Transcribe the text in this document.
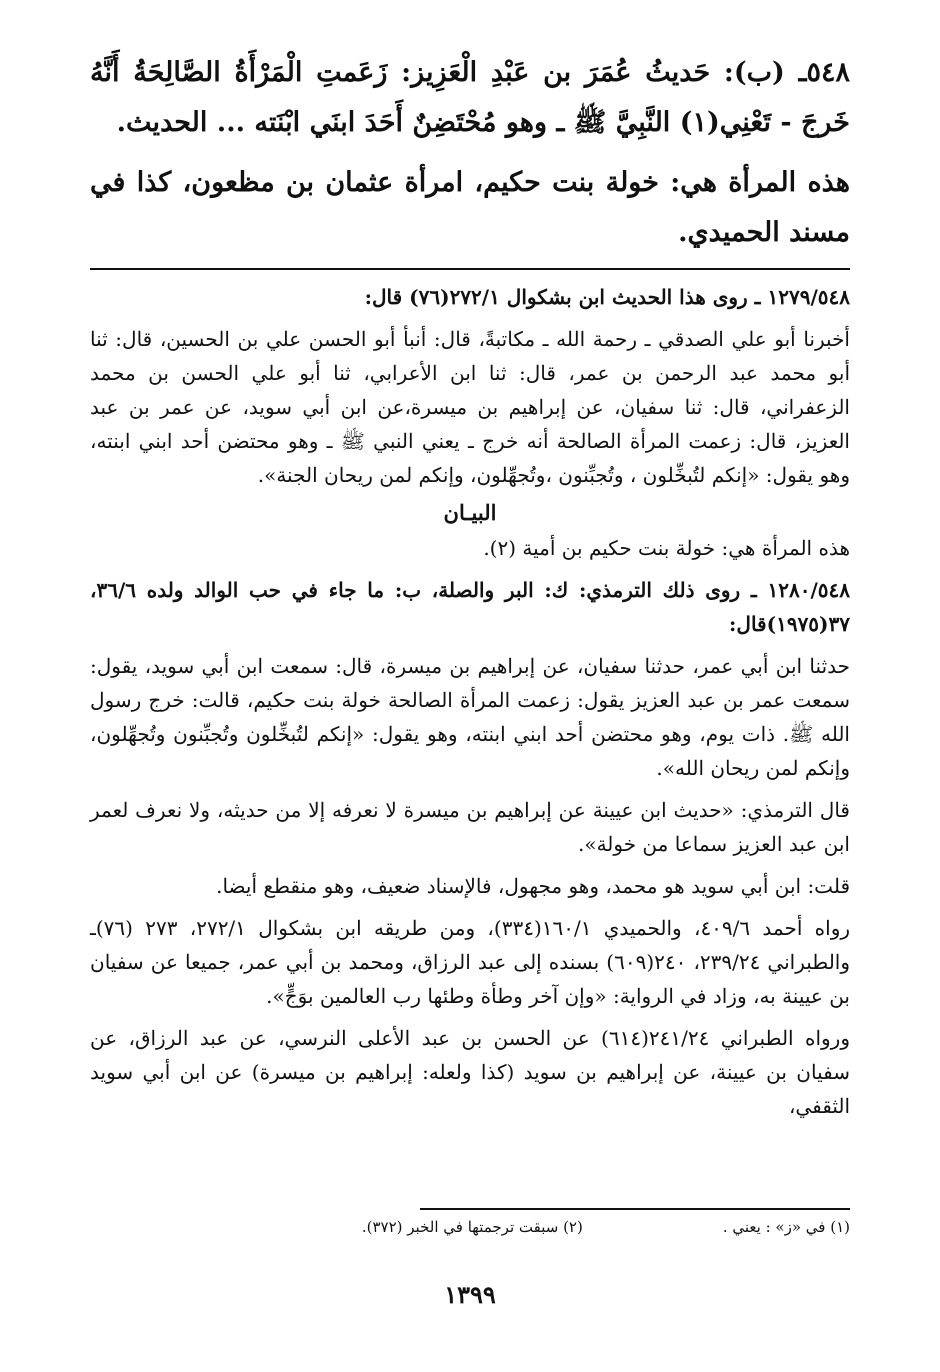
٥٤٨ـ (ب): حَديثُ عُمَرَ بن عَبْدِ الْعَزِيز: زَعَمتِ الْمَرْأَةُ الصَّالِحَةُ أَنَّهُ خَرجَ - تَعْنِي(١) النَّبِيَّ ﷺ ـ وهو مُحْتَضِنٌ أَحَدَ ابنَي ابْنَته ... الحديث.

هذه المرأة هي: خولة بنت حكيم، امرأة عثمان بن مظعون، كذا في مسند الحميدي.

١٢٧٩/٥٤٨ ـ روى هذا الحديث ابن بشكوال ٢٧٢/١(٧٦) قال:

أخبرنا أبو علي الصدقي ـ رحمة الله ـ مكاتبةً، قال: أنبأ أبو الحسن علي بن الحسين، قال: ثنا أبو محمد عبد الرحمن بن عمر، قال: ثنا ابن الأعرابي، ثنا أبو علي الحسن بن محمد الزعفراني، قال: ثنا سفيان، عن إبراهيم بن ميسرة،عن ابن أبي سويد، عن عمر بن عبد العزيز، قال: زعمت المرأة الصالحة أنه خرج ـ يعني النبي ﷺ ـ وهو محتضن أحد ابني ابنته، وهو يقول: «إنكم لتُبخِّلون ، وتُجبِّنون ،وتُجهِّلون، وإنكم لمن ريحان الجنة».

البيـان

هذه المرأة هي: خولة بنت حكيم بن أمية (٢).

١٢٨٠/٥٤٨ ـ روى ذلك الترمذي: ك: البر والصلة، ب: ما جاء في حب الوالد ولده ٣٦/٦، ٣٧(١٩٧٥)قال:

حدثنا ابن أبي عمر، حدثنا سفيان، عن إبراهيم بن ميسرة، قال: سمعت ابن أبي سويد، يقول: سمعت عمر بن عبد العزيز يقول: زعمت المرأة الصالحة خولة بنت حكيم، قالت: خرج رسول الله ﷺ. ذات يوم، وهو محتضن أحد ابني ابنته، وهو يقول: «إنكم لتُبخِّلون وتُجبِّنون وتُجهِّلون، وإنكم لمن ريحان الله».

قال الترمذي: «حديث ابن عيينة عن إبراهيم بن ميسرة لا نعرفه إلا من حديثه، ولا نعرف لعمر ابن عبد العزيز سماعا من خولة».

قلت: ابن أبي سويد هو محمد، وهو مجهول، فالإسناد ضعيف، وهو منقطع أيضا.

رواه أحمد ٤٠٩/٦، والحميدي ١٦٠/١(٣٣٤)، ومن طريقه ابن بشكوال ٢٧٢/١، ٢٧٣ (٧٦)ـ والطبراني ٢٣٩/٢٤، ٢٤٠(٦٠٩) بسنده إلى عبد الرزاق، ومحمد بن أبي عمر، جميعا عن سفيان بن عيينة به، وزاد في الرواية: «وإن آخر وطأة وطئها رب العالمين بوَجٍّ».

ورواه الطبراني ٢٤١/٢٤(٦١٤) عن الحسن بن عبد الأعلى النرسي، عن عبد الرزاق، عن سفيان بن عيينة، عن إبراهيم بن سويد (كذا ولعله: إبراهيم بن ميسرة) عن ابن أبي سويد الثقفي،

(١) في «ز» : يعني .
(٢) سبقت ترجمتها في الخبر (٣٧٢).
١٣٩٩
